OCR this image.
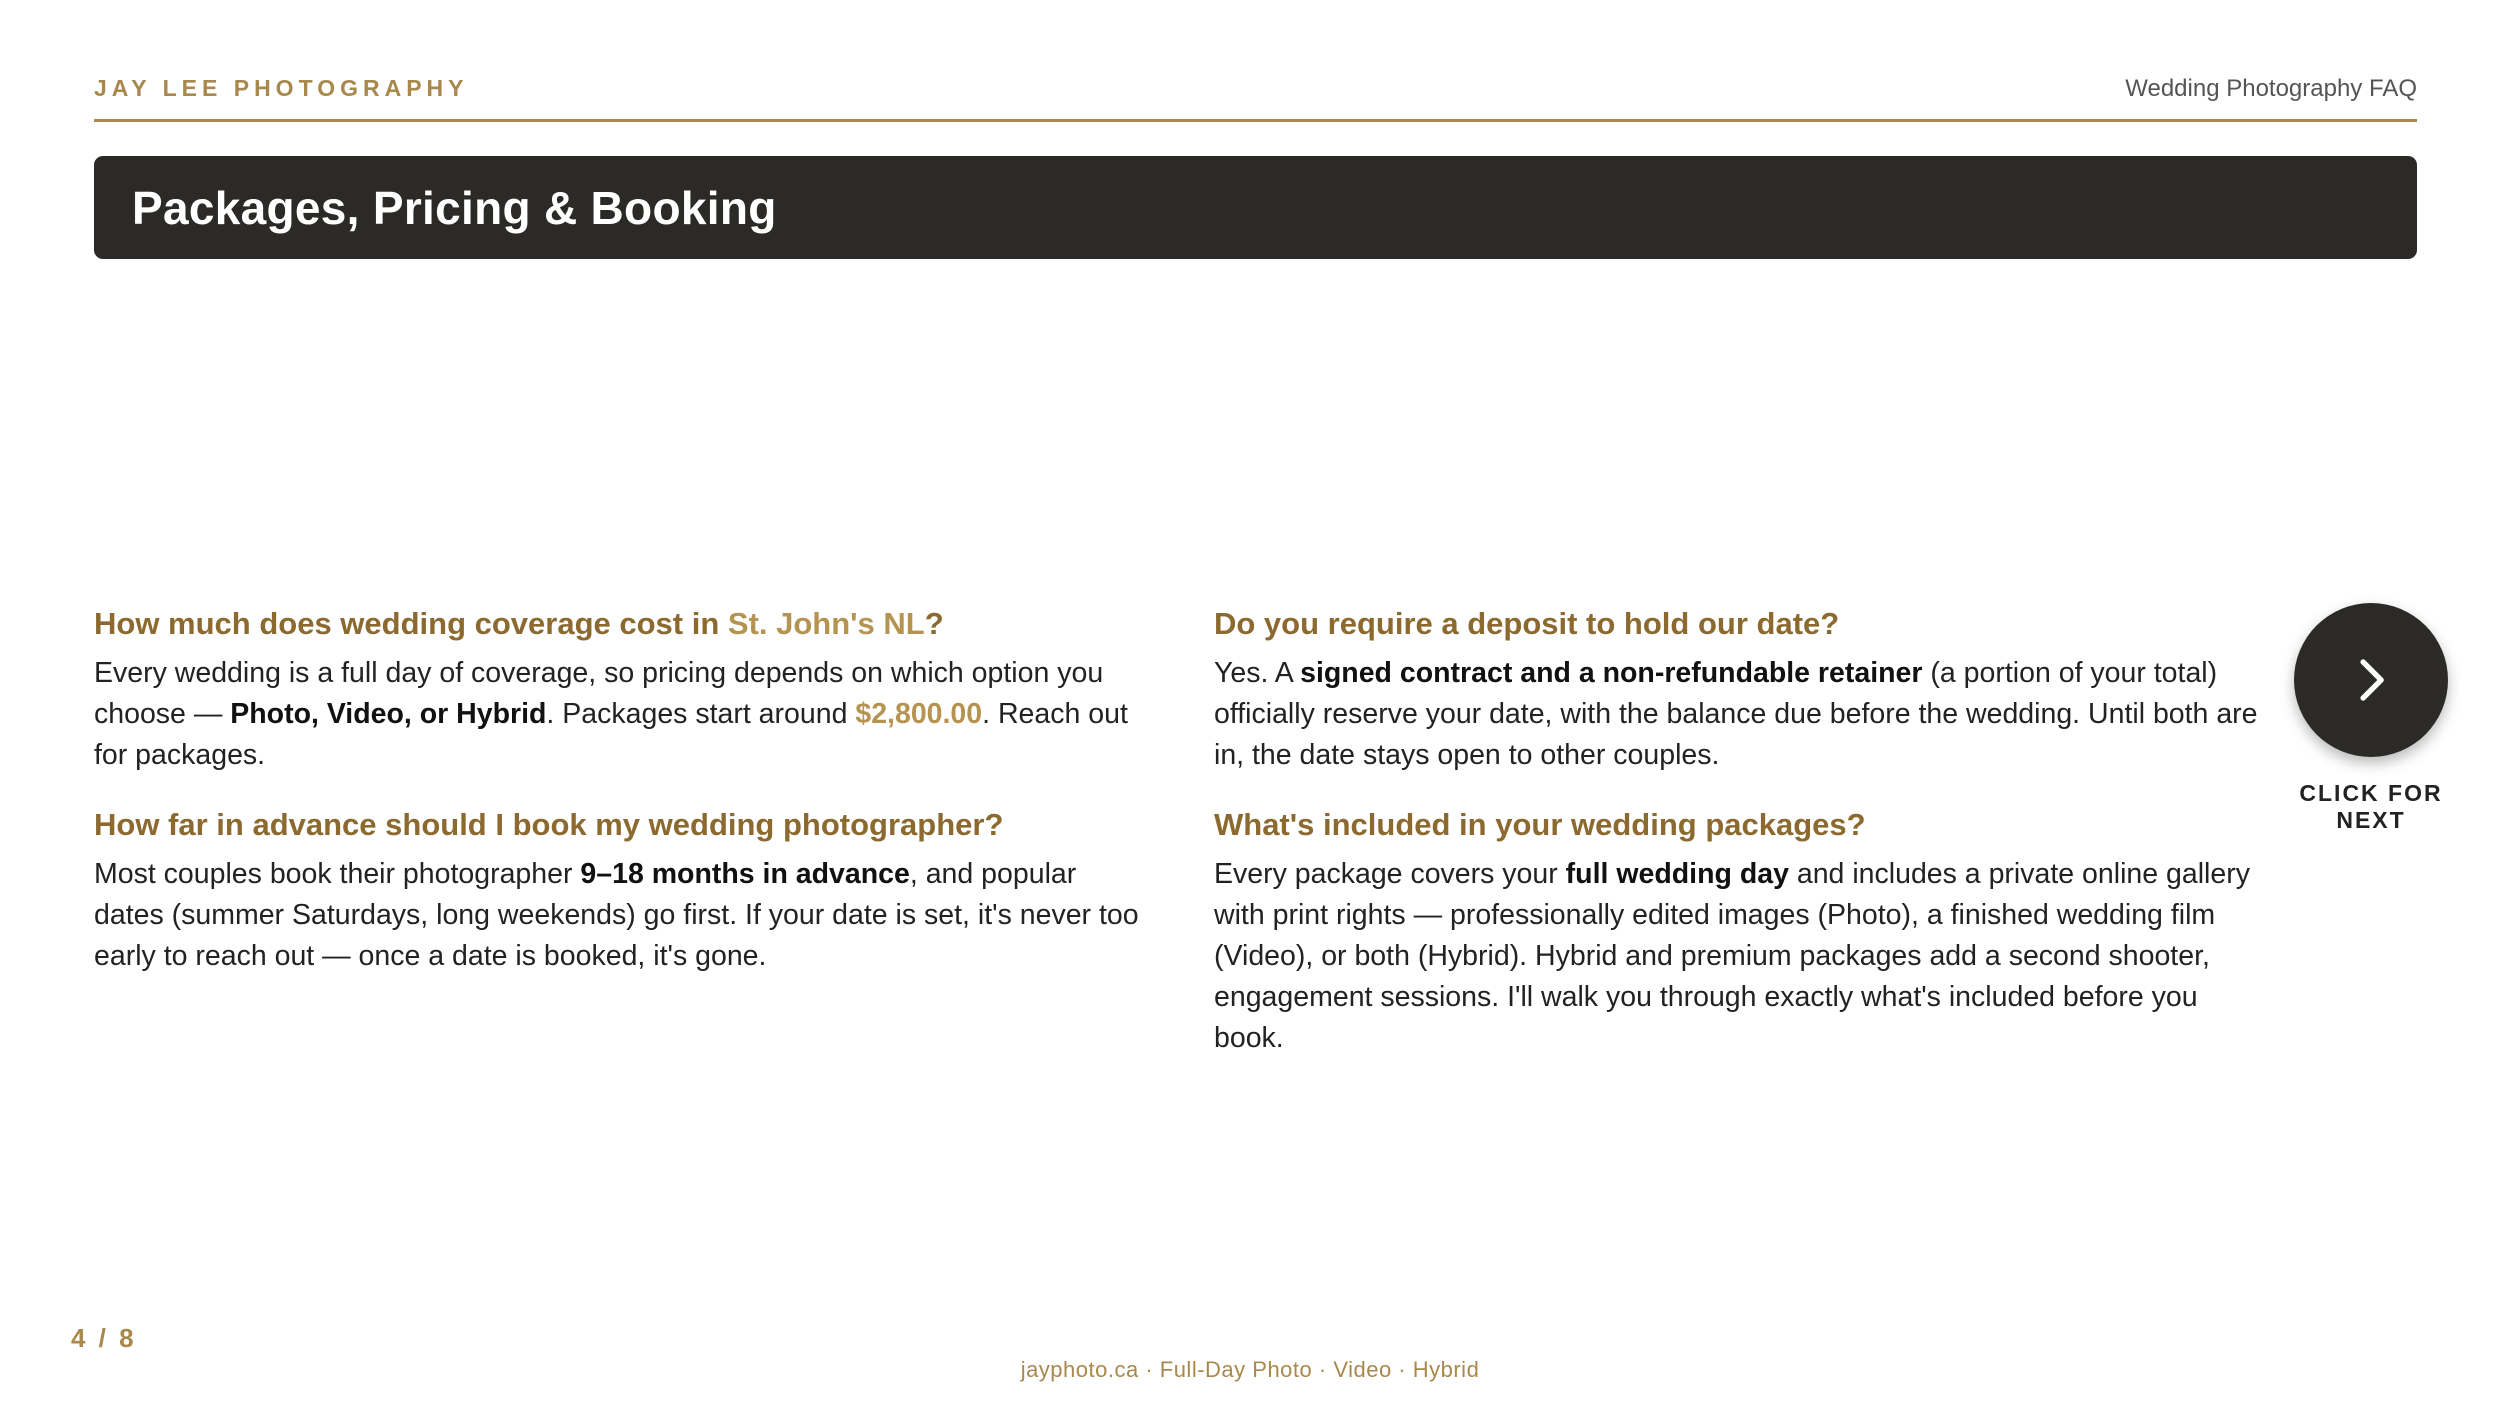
JAY LEE PHOTOGRAPHY	Wedding Photography FAQ
Packages, Pricing & Booking

How much does wedding coverage cost in St. John's NL?

Every wedding is a full day of coverage, so pricing depends on which option you choose — Photo, Video, or Hybrid. Packages start around $2,800.00. Reach out for packages.

How far in advance should I book my wedding photographer?

Most couples book their photographer 9–18 months in advance, and popular dates (summer Saturdays, long weekends) go first. If your date is set, it's never too early to reach out — once a date is booked, it's gone.

Do you require a deposit to hold our date?

Yes. A signed contract and a non-refundable retainer (a portion of your total) officially reserve your date, with the balance due before the wedding. Until both are in, the date stays open to other couples.

What's included in your wedding packages?

Every package covers your full wedding day and includes a private online gallery with print rights — professionally edited images (Photo), a finished wedding film (Video), or both (Hybrid). Hybrid and premium packages add a second shooter, engagement sessions. I'll walk you through exactly what's included before you book.

CLICK FOR NEXT
4 / 8
jayphoto.ca · Full-Day Photo · Video · Hybrid
